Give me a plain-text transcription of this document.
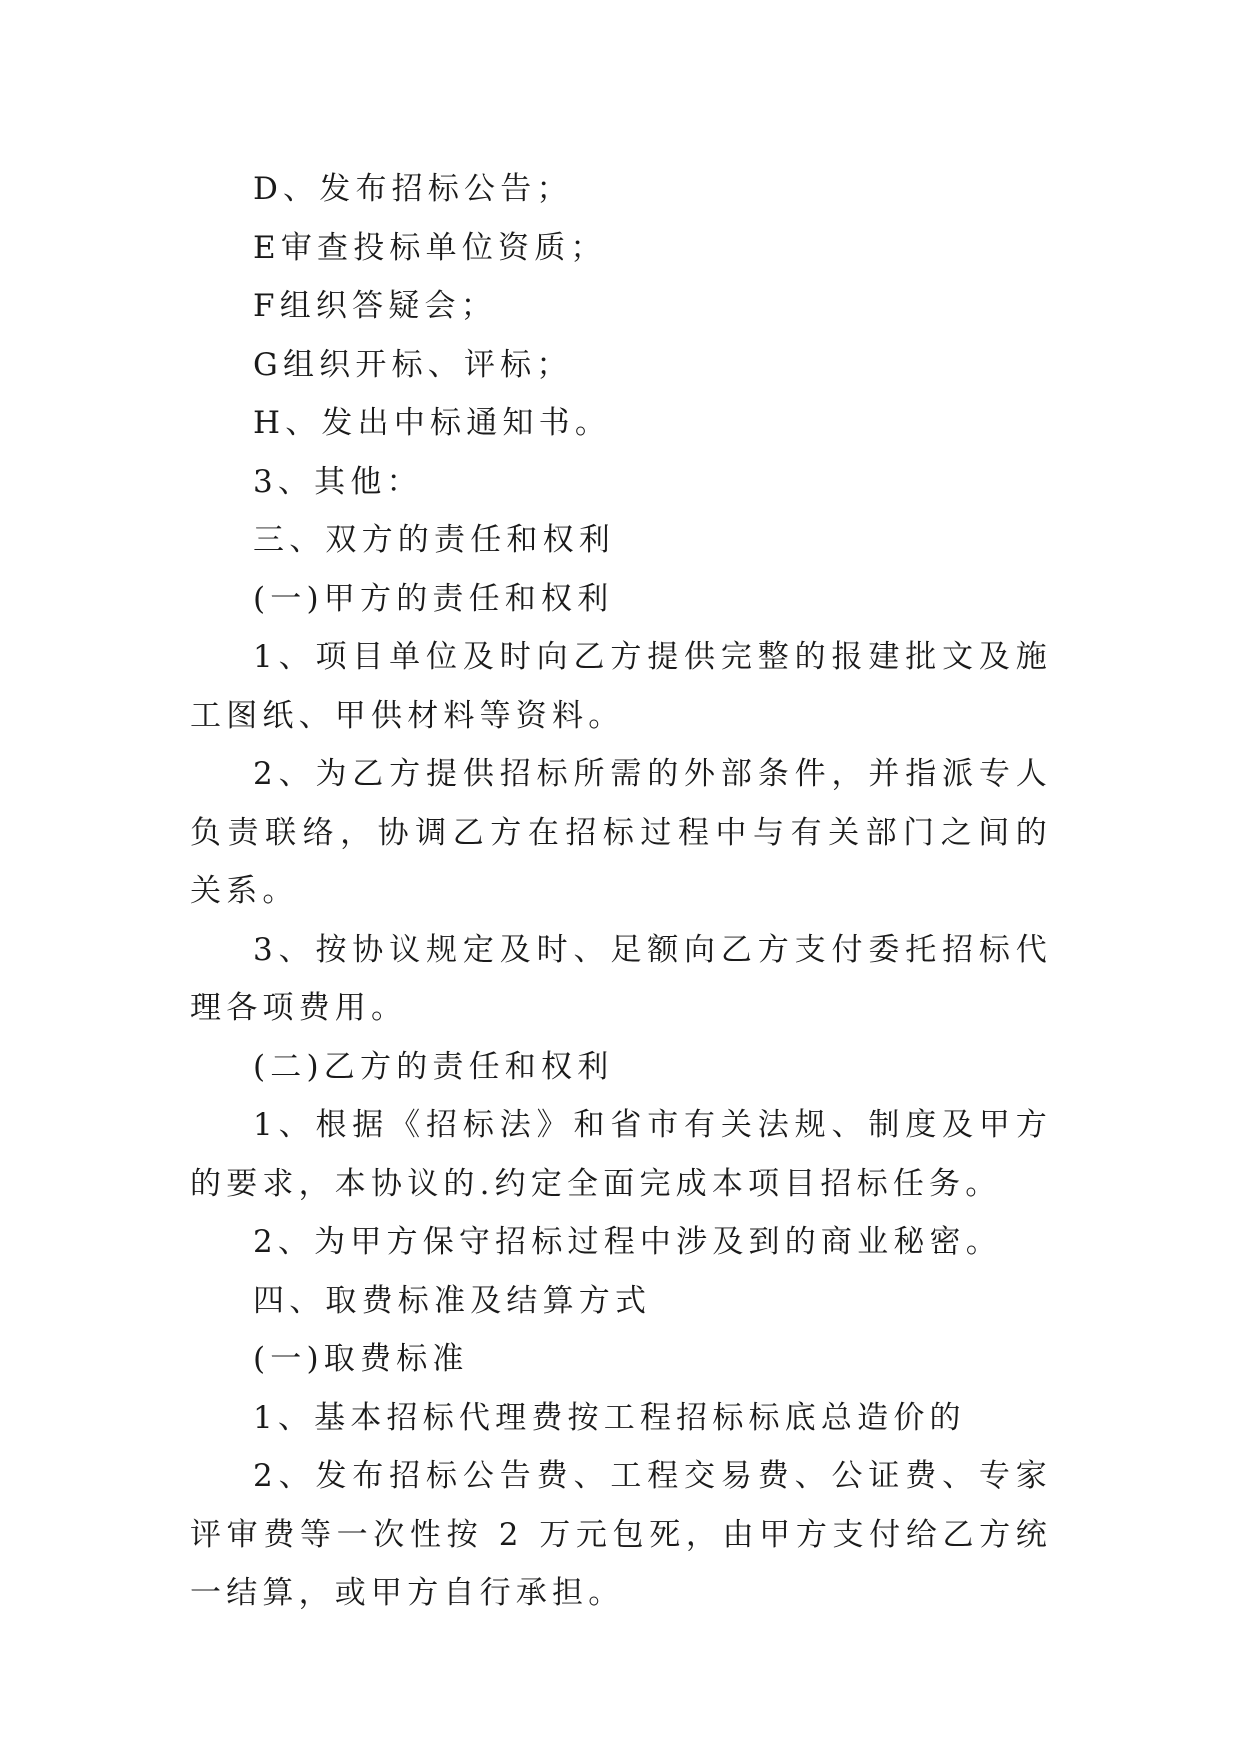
D、发布招标公告；

E审查投标单位资质；

F组织答疑会；

G组织开标、评标；

H、发出中标通知书。

3、其他：

三、双方的责任和权利

(一)甲方的责任和权利

1、项目单位及时向乙方提供完整的报建批文及施工图纸、甲供材料等资料。

2、为乙方提供招标所需的外部条件，并指派专人负责联络，协调乙方在招标过程中与有关部门之间的关系。

3、按协议规定及时、足额向乙方支付委托招标代理各项费用。

(二)乙方的责任和权利

1、根据《招标法》和省市有关法规、制度及甲方的要求，本协议的.约定全面完成本项目招标任务。

2、为甲方保守招标过程中涉及到的商业秘密。

四、取费标准及结算方式

(一)取费标准

1、基本招标代理费按工程招标标底总造价的

2、发布招标公告费、工程交易费、公证费、专家评审费等一次性按 2 万元包死，由甲方支付给乙方统一结算，或甲方自行承担。
